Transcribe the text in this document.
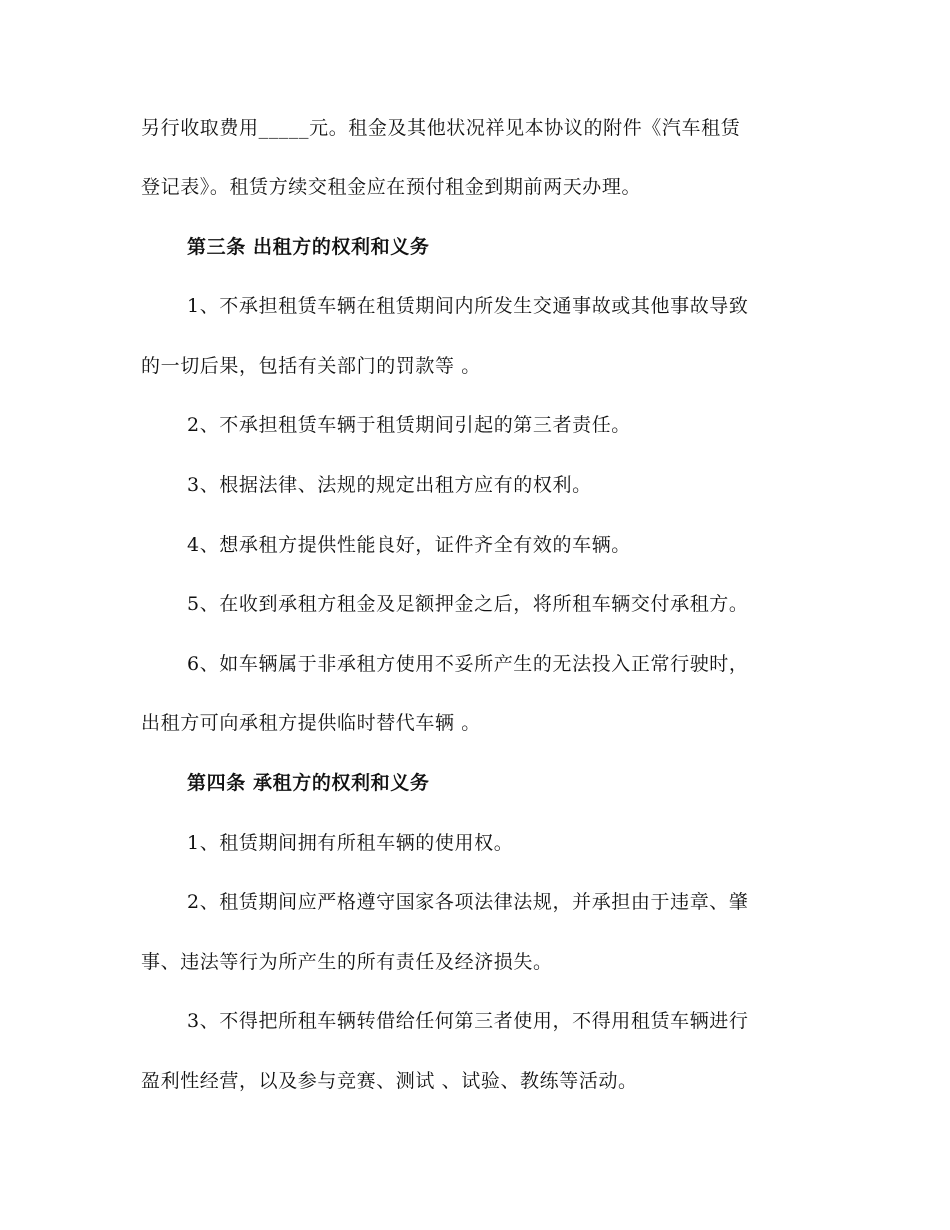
另行收取费用_____元。租金及其他状况祥见本协议的附件《汽车租赁
登记表》。租赁方续交租金应在预付租金到期前两天办理。
第三条 出租方的权利和义务
1、不承担租赁车辆在租赁期间内所发生交通事故或其他事故导致
的一切后果，包括有关部门的罚款等 。
2、不承担租赁车辆于租赁期间引起的第三者责任。
3、根据法律、法规的规定出租方应有的权利。
4、想承租方提供性能良好，证件齐全有效的车辆。
5、在收到承租方租金及足额押金之后，将所租车辆交付承租方。
6、如车辆属于非承租方使用不妥所产生的无法投入正常行驶时，
出租方可向承租方提供临时替代车辆 。
第四条 承租方的权利和义务
1、租赁期间拥有所租车辆的使用权。
2、租赁期间应严格遵守国家各项法律法规，并承担由于违章、肇
事、违法等行为所产生的所有责任及经济损失。
3、不得把所租车辆转借给任何第三者使用，不得用租赁车辆进行
盈利性经营，以及参与竞赛、测试 、试验、教练等活动。
